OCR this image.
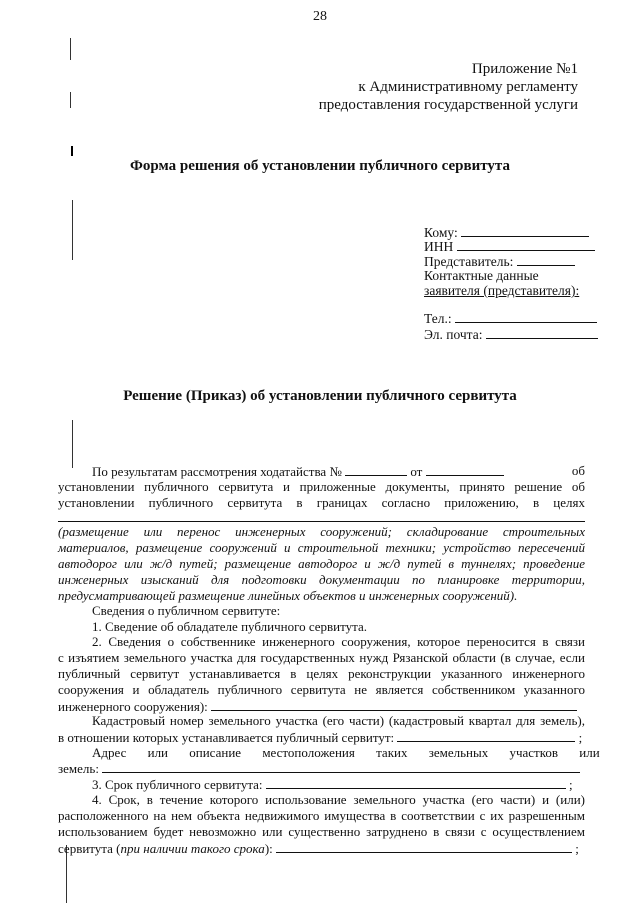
28
Приложение №1
к Административному регламенту
предоставления государственной услуги
Форма решения об установлении публичного сервитута
Кому:
ИНН
Представитель:
Контактные данные
заявителя (представителя):
Тел.:
Эл. почта:
Решение (Приказ) об установлении публичного сервитута
По результатам рассмотрения ходатайства №	от	об
установлении публичного сервитута и приложенные документы, принято решение об
установлении публичного сервитута в границах согласно приложению, в целях
(размещение или перенос инженерных сооружений; складирование строительных
материалов, размещение сооружений и строительной техники; устройство пересечений
автодорог или ж/д путей; размещение автодорог и ж/д путей в туннелях; проведение
инженерных изысканий для подготовки документации по планировке территории,
предусматривающей размещение линейных объектов и инженерных сооружений).
Сведения о публичном сервитуте:
1. Сведение об обладателе публичного сервитута.
2. Сведения о собственнике инженерного сооружения, которое переносится в связи
с изъятием земельного участка для государственных нужд Рязанской области (в случае, если
публичный сервитут устанавливается в целях реконструкции указанного инженерного
сооружения и обладатель публичного сервитута не является собственником указанного
инженерного сооружения):
Кадастровый номер земельного участка (его части) (кадастровый квартал для земель),
в отношении которых устанавливается публичный сервитут:	;
Адрес или описание местоположения таких земельных участков или
земель:
3. Срок публичного сервитута:	;
4. Срок, в течение которого использование земельного участка (его части) и (или)
расположенного на нем объекта недвижимого имущества в соответствии с их разрешенным
использованием будет невозможно или существенно затруднено в связи с осуществлением
сервитута (при наличии такого срока):	;
